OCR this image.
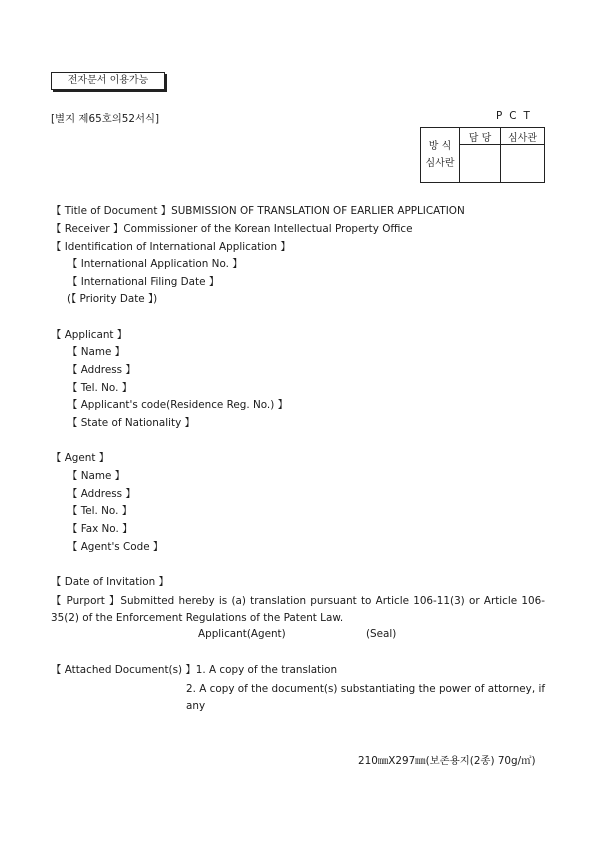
전자문서 이용가능
[별지 제65호의52서식]	PCT
방 식
심사란	담 당	심사관

【 Title of Document 】SUBMISSION OF TRANSLATION OF EARLIER APPLICATION
【 Receiver 】Commissioner of the Korean Intellectual Property Office
【 Identification of International Application 】
【 International Application No. 】
【 International Filing Date 】
(【 Priority Date 】)
【 Applicant 】
【 Name 】
【 Address 】
【 Tel. No. 】
【 Applicant's code(Residence Reg. No.) 】
【 State of Nationality 】
【 Agent 】
【 Name 】
【 Address 】
【 Tel. No. 】
【 Fax No. 】
【 Agent's Code 】
【 Date of Invitation 】
【 Purport 】Submitted hereby is (a) translation pursuant to Article 106-11(3) or Article 106-35(2) of the Enforcement Regulations of the Patent Law.
Applicant(Agent)	(Seal)
【 Attached Document(s) 】1. A copy of the translation
2. A copy of the document(s) substantiating the power of attorney, if any
210㎜X297㎜(보존용지(2종) 70g/㎡)
